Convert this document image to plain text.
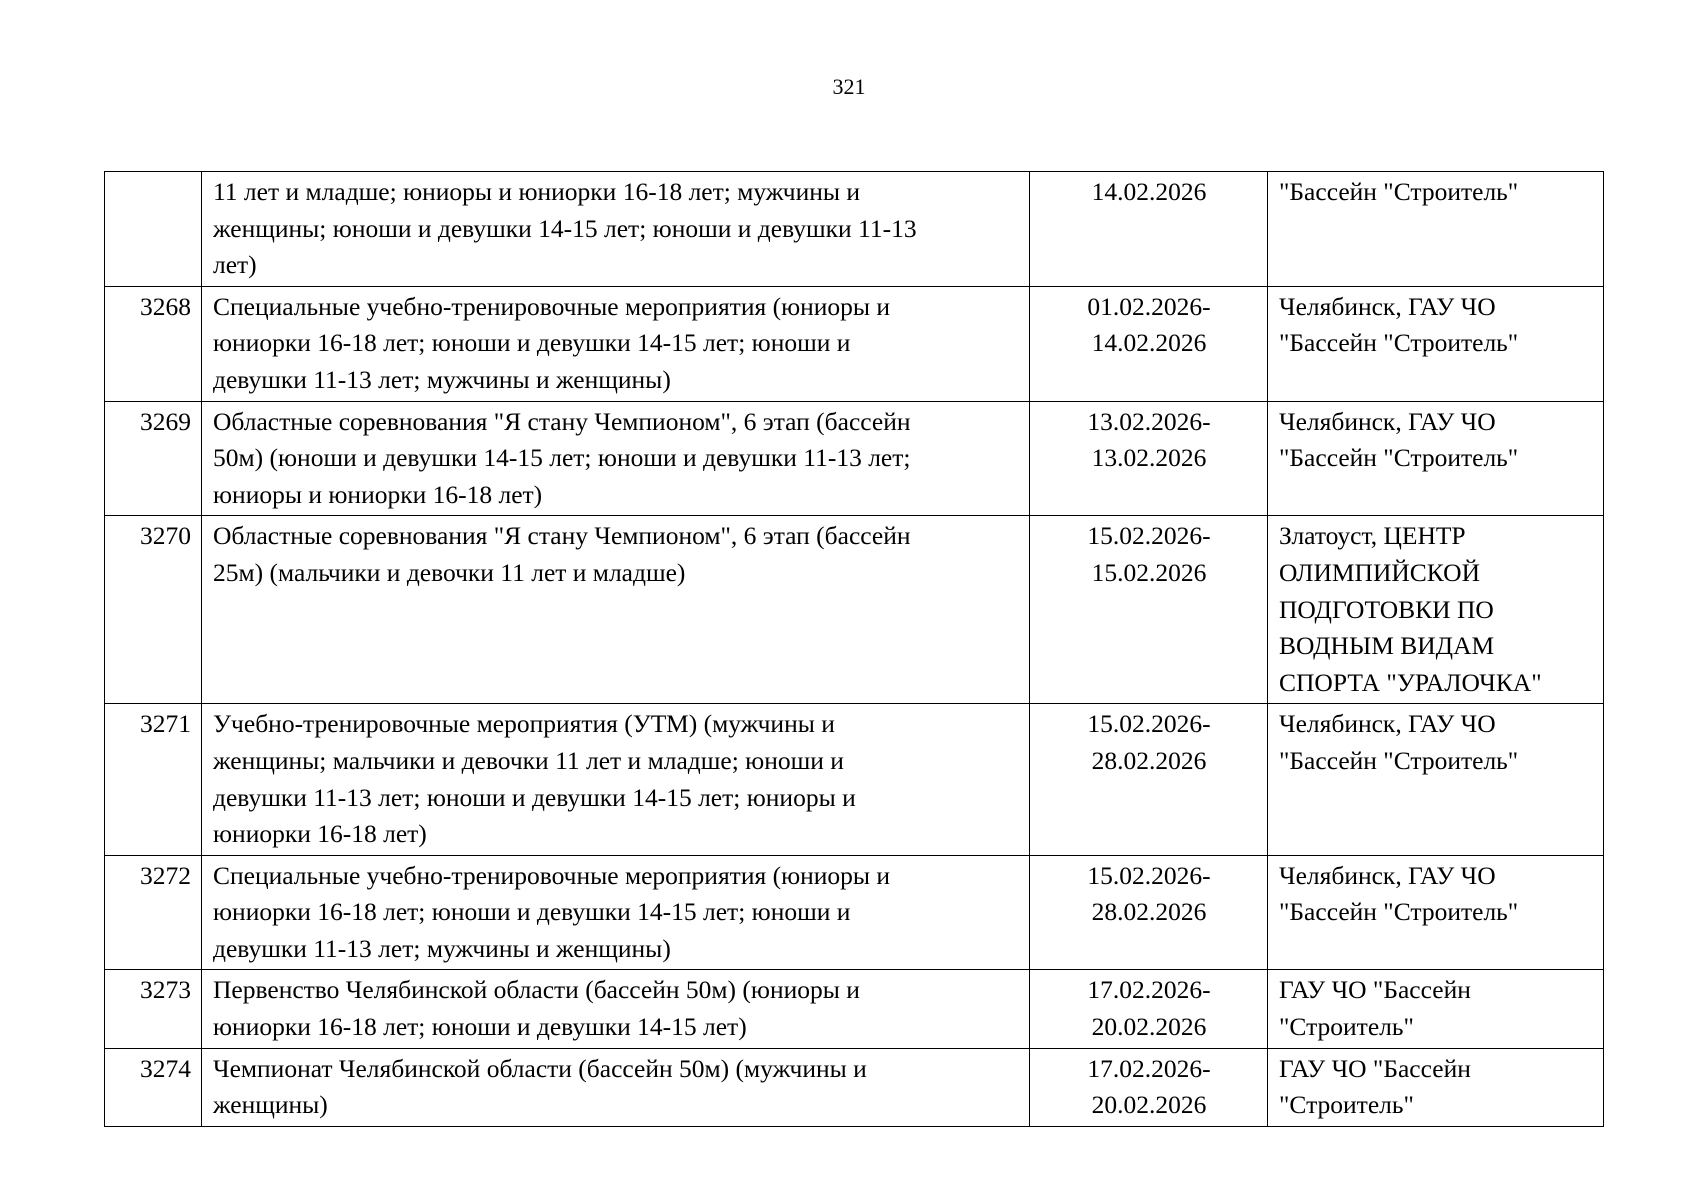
321

	11 лет и младше; юниоры и юниорки 16-18 лет; мужчины и
женщины; юноши и девушки 14-15 лет; юноши и девушки 11-13
лет)	14.02.2026	"Бассейн "Строитель"

3268	Специальные учебно-тренировочные мероприятия (юниоры и
юниорки 16-18 лет; юноши и девушки 14-15 лет; юноши и
девушки 11-13 лет; мужчины и женщины)	01.02.2026-
14.02.2026	Челябинск, ГАУ ЧО
"Бассейн "Строитель"

3269	Областные соревнования "Я стану Чемпионом", 6 этап (бассейн
50м) (юноши и девушки 14-15 лет; юноши и девушки 11-13 лет;
юниоры и юниорки 16-18 лет)	13.02.2026-
13.02.2026	Челябинск, ГАУ ЧО
"Бассейн "Строитель"

3270	Областные соревнования "Я стану Чемпионом", 6 этап (бассейн
25м) (мальчики и девочки 11 лет и младше)	15.02.2026-
15.02.2026	Златоуст, ЦЕНТР
ОЛИМПИЙСКОЙ
ПОДГОТОВКИ ПО
ВОДНЫМ ВИДАМ
СПОРТА "УРАЛОЧКА"

3271	Учебно-тренировочные мероприятия (УТМ) (мужчины и
женщины; мальчики и девочки 11 лет и младше; юноши и
девушки 11-13 лет; юноши и девушки 14-15 лет; юниоры и
юниорки 16-18 лет)	15.02.2026-
28.02.2026	Челябинск, ГАУ ЧО
"Бассейн "Строитель"

3272	Специальные учебно-тренировочные мероприятия (юниоры и
юниорки 16-18 лет; юноши и девушки 14-15 лет; юноши и
девушки 11-13 лет; мужчины и женщины)	15.02.2026-
28.02.2026	Челябинск, ГАУ ЧО
"Бассейн "Строитель"

3273	Первенство Челябинской области (бассейн 50м) (юниоры и
юниорки 16-18 лет; юноши и девушки 14-15 лет)	17.02.2026-
20.02.2026	ГАУ ЧО "Бассейн
"Строитель"

3274	Чемпионат Челябинской области (бассейн 50м) (мужчины и
женщины)	17.02.2026-
20.02.2026	ГАУ ЧО "Бассейн
"Строитель"
